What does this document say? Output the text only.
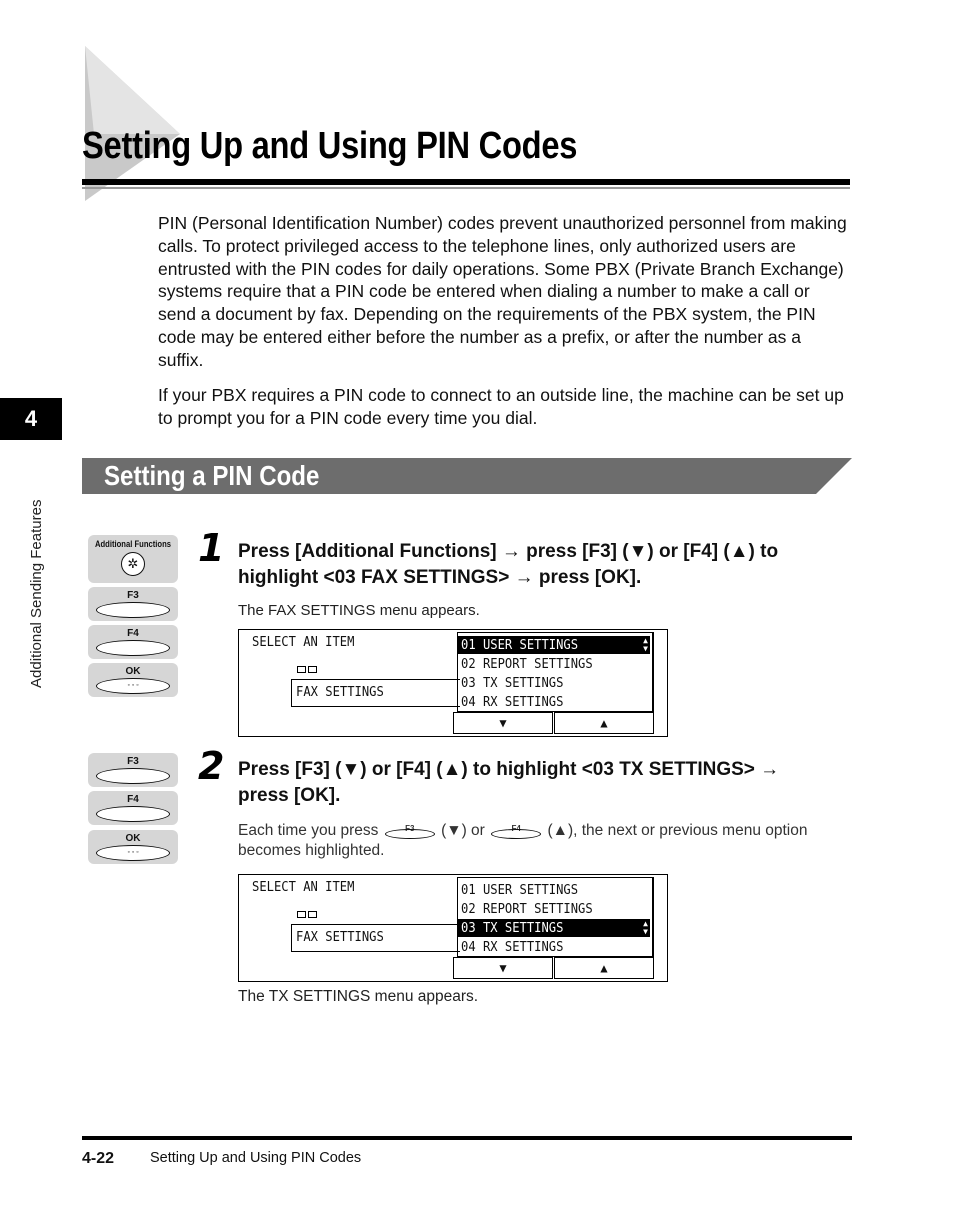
Setting Up and Using PIN Codes

PIN (Personal Identification Number) codes prevent unauthorized personnel from making calls. To protect privileged access to the telephone lines, only authorized users are entrusted with the PIN codes for daily operations. Some PBX (Private Branch Exchange) systems require that a PIN code be entered when dialing a number to make a call or send a document by fax. Depending on the requirements of the PBX system, the PIN code may be entered either before the number as a prefix, or after the number as a suffix.

If your PBX requires a PIN code to connect to an outside line, the machine can be set up to prompt you for a PIN code every time you dial.

4
Additional Sending Features
Setting a PIN Code
Additional Functions
✲
F3
F4
OK
◦ ◦ ◦
1 Press [Additional Functions] → press [F3] (▼) or [F4] (▲) to
highlight <03 FAX SETTINGS> → press [OK].

The FAX SETTINGS menu appears.

SELECT AN ITEM
FAX SETTINGS
01 USER SETTINGS	▲
▼
02 REPORT SETTINGS
03 TX SETTINGS
04 RX SETTINGS
▼	▲
F3
F4
OK
◦ ◦ ◦
2 Press [F3] (▼) or [F4] (▲) to highlight <03 TX SETTINGS> →
press [OK].

Each time you press	F3	(▼) or	F4	(▲), the next or previous menu option
becomes highlighted.

SELECT AN ITEM
FAX SETTINGS
01 USER SETTINGS
02 REPORT SETTINGS
03 TX SETTINGS	▲
▼
04 RX SETTINGS
▼	▲

The TX SETTINGS menu appears.

4-22 Setting Up and Using PIN Codes
